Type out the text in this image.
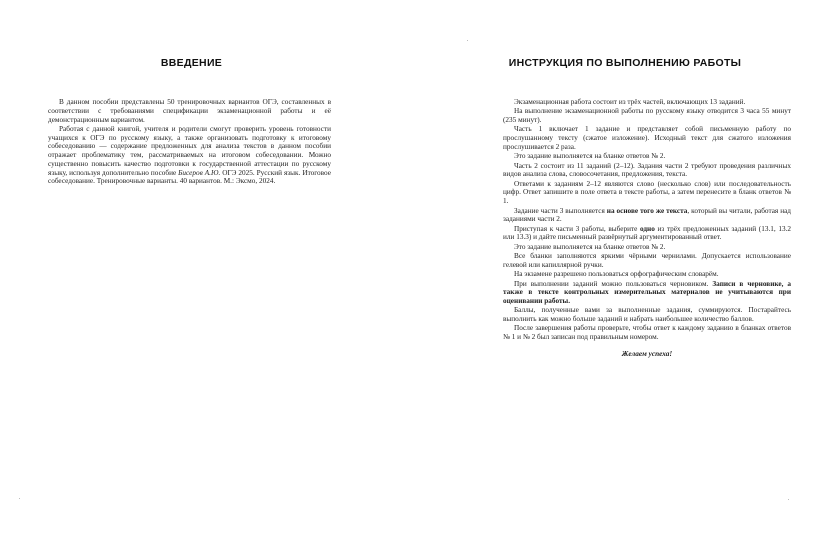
ВВЕДЕНИЕ

В данном пособии представлены 50 тренировочных вариантов ОГЭ, составленных в соответствии с требованиями спецификации экзаменационной работы и её демонстрационным вариантом.

Работая с данной книгой, учителя и родители смогут проверить уровень готовности учащихся к ОГЭ по русскому языку, а также организовать подготовку к итоговому собеседованию — содержание предложенных для анализа текстов в данном пособии отражает проблематику тем, рассматриваемых на итоговом собеседовании. Можно существенно повысить качество подготовки к государственной аттестации по русскому языку, используя дополнительно пособие Бисеров А.Ю. ОГЭ 2025. Русский язык. Итоговое собеседование. Тренировочные варианты. 40 вариантов. М.: Эксмо, 2024.

ИНСТРУКЦИЯ ПО ВЫПОЛНЕНИЮ РАБОТЫ

Экзаменационная работа состоит из трёх частей, включающих 13 заданий.

На выполнение экзаменационной работы по русскому языку отводится 3 часа 55 минут (235 минут).

Часть 1 включает 1 задание и представляет собой письменную работу по прослушанному тексту (сжатое изложение). Исходный текст для сжатого изложения прослушивается 2 раза.

Это задание выполняется на бланке ответов № 2.

Часть 2 состоит из 11 заданий (2–12). Задания части 2 требуют проведения различных видов анализа слова, словосочетания, предложения, текста.

Ответами к заданиям 2–12 являются слово (несколько слов) или последовательность цифр. Ответ запишите в поле ответа в тексте работы, а затем перенесите в бланк ответов № 1.

Задание части 3 выполняется на основе того же текста, который вы читали, работая над заданиями части 2.

Приступая к части 3 работы, выберите одно из трёх предложенных заданий (13.1, 13.2 или 13.3) и дайте письменный развёрнутый аргументированный ответ.

Это задание выполняется на бланке ответов № 2.

Все бланки заполняются яркими чёрными чернилами. Допускается использование гелевой или капиллярной ручки.

На экзамене разрешено пользоваться орфографическим словарём.

При выполнении заданий можно пользоваться черновиком. Записи в черновике, а также в тексте контрольных измерительных материалов не учитываются при оценивании работы.

Баллы, полученные вами за выполненные задания, суммируются. Постарайтесь выполнить как можно больше заданий и набрать наибольшее количество баллов.

После завершения работы проверьте, чтобы ответ к каждому заданию в бланках ответов № 1 и № 2 был записан под правильным номером.

Желаем успеха!
